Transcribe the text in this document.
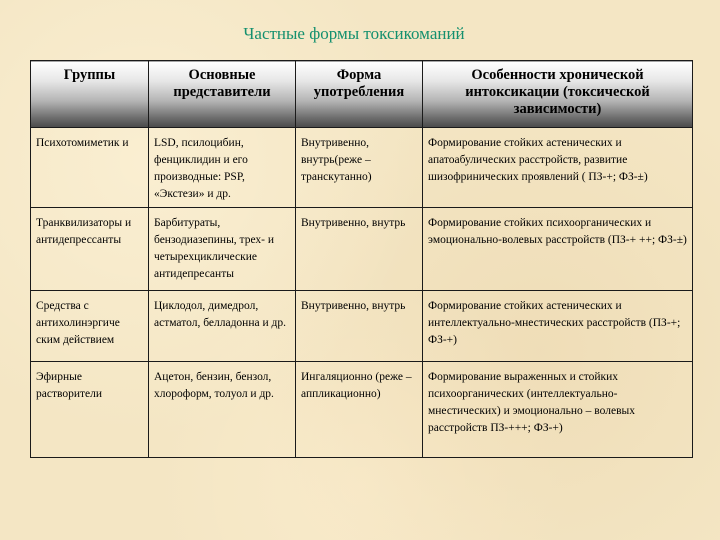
Частные формы токсикоманий
Группы	Основные представители	Форма употребления	Особенности хронической интоксикации (токсической зависимости)

Психотомиметик и	LSD, псилоцибин, фенциклидин и его производные: PSP, «Экстези» и др.	Внутривенно, внутрь(реже – транскутанно)	Формирование стойких астенических и апатоабулических расстройств, развитие шизофринических проявлений ( ПЗ-+; ФЗ-±)

Транквилизаторы и антидепрессанты	Барбитураты, бензодиазепины, трех- и четырехциклические антидепресанты	Внутривенно, внутрь	Формирование стойких психоорганических и эмоционально-волевых расстройств (ПЗ-+ ++; ФЗ-±)

Средства с антихолинэргиче ским действием	Циклодол, димедрол, астматол, белладонна и др.	Внутривенно, внутрь	Формирование стойких астенических и интеллектуально-мнестических расстройств (ПЗ-+; ФЗ-+)

Эфирные растворители	Ацетон, бензин, бензол, хлороформ, толуол и др.	Ингаляционно (реже – аппликационно)	Формирование выраженных и стойких психоорганических (интеллектуально-мнестических) и эмоционально – волевых расстройств ПЗ-+++; ФЗ-+)
